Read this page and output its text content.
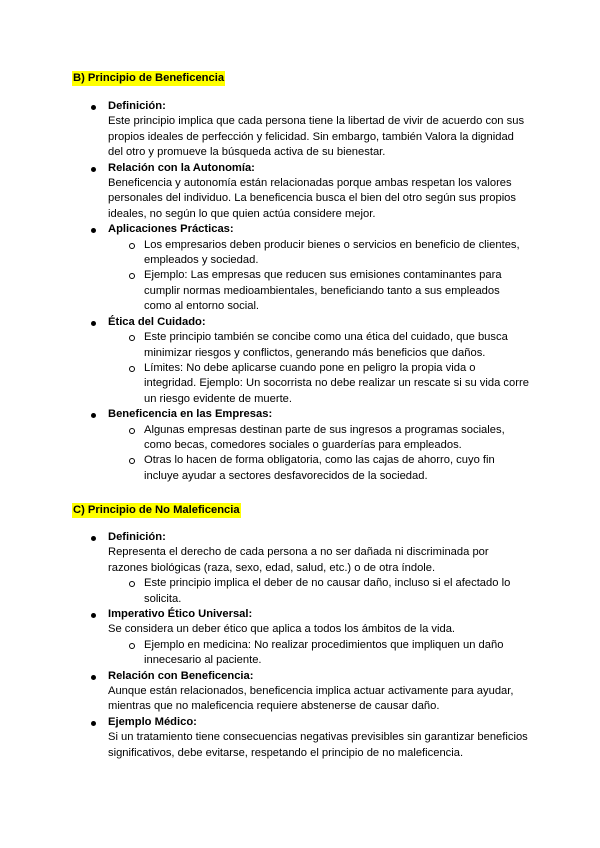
B) Principio de Beneficencia
Definición:
Este principio implica que cada persona tiene la libertad de vivir de acuerdo con sus propios ideales de perfección y felicidad. Sin embargo, también Valora la dignidad del otro y promueve la búsqueda activa de su bienestar.
Relación con la Autonomía:
Beneficencia y autonomía están relacionadas porque ambas respetan los valores personales del individuo. La beneficencia busca el bien del otro según sus propios ideales, no según lo que quien actúa considere mejor.
Aplicaciones Prácticas:
Los empresarios deben producir bienes o servicios en beneficio de clientes, empleados y sociedad.
Ejemplo: Las empresas que reducen sus emisiones contaminantes para cumplir normas medioambientales, beneficiando tanto a sus empleados como al entorno social.
Ética del Cuidado:
Este principio también se concibe como una ética del cuidado, que busca minimizar riesgos y conflictos, generando más beneficios que daños.
Límites: No debe aplicarse cuando pone en peligro la propia vida o integridad. Ejemplo: Un socorrista no debe realizar un rescate si su vida corre un riesgo evidente de muerte.
Beneficencia en las Empresas:
Algunas empresas destinan parte de sus ingresos a programas sociales, como becas, comedores sociales o guarderías para empleados.
Otras lo hacen de forma obligatoria, como las cajas de ahorro, cuyo fin incluye ayudar a sectores desfavorecidos de la sociedad.
C) Principio de No Maleficencia
Definición:
Representa el derecho de cada persona a no ser dañada ni discriminada por razones biológicas (raza, sexo, edad, salud, etc.) o de otra índole.
Este principio implica el deber de no causar daño, incluso si el afectado lo solicita.
Imperativo Ético Universal:
Se considera un deber ético que aplica a todos los ámbitos de la vida.
Ejemplo en medicina: No realizar procedimientos que impliquen un daño innecesario al paciente.
Relación con Beneficencia:
Aunque están relacionados, beneficencia implica actuar activamente para ayudar, mientras que no maleficencia requiere abstenerse de causar daño.
Ejemplo Médico:
Si un tratamiento tiene consecuencias negativas previsibles sin garantizar beneficios significativos, debe evitarse, respetando el principio de no maleficencia.
